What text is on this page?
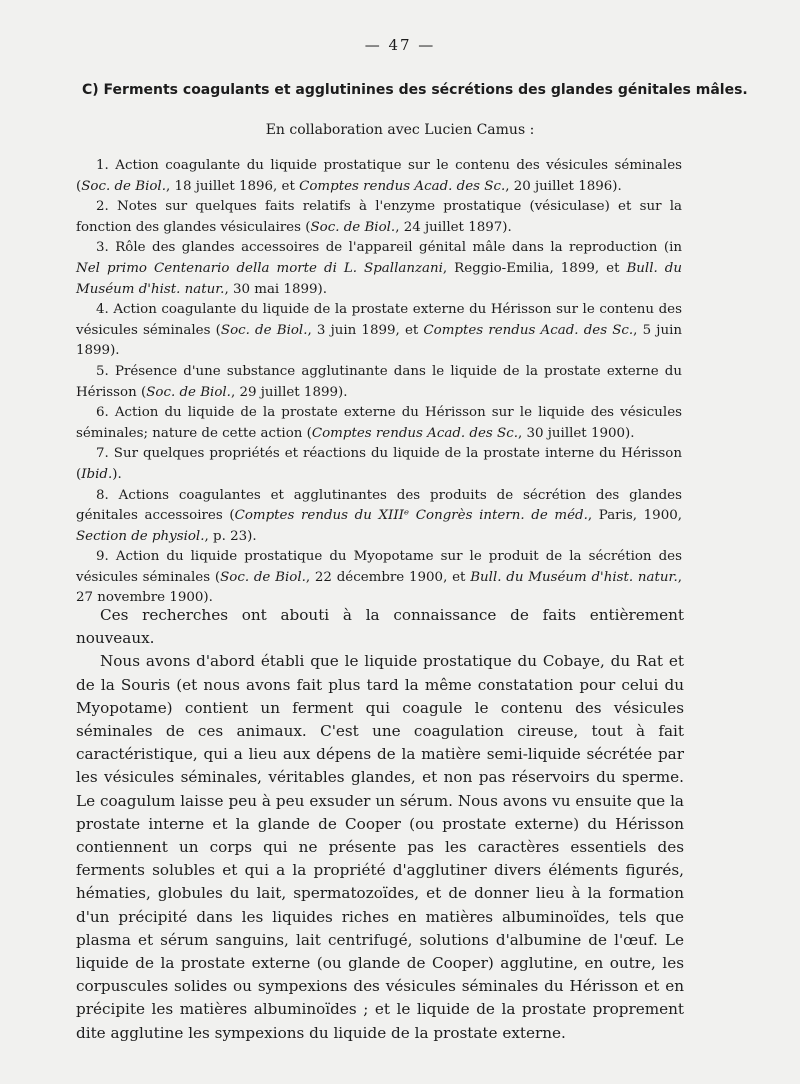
— 47 —
C) Ferments coagulants et agglutinines des sécrétions des glandes génitales mâles.
En collaboration avec Lucien Camus :

1. Action coagulante du liquide prostatique sur le contenu des vésicules séminales (Soc. de Biol., 18 juillet 1896, et Comptes rendus Acad. des Sc., 20 juillet 1896).

2. Notes sur quelques faits relatifs à l'enzyme prostatique (vésiculase) et sur la fonction des glandes vésiculaires (Soc. de Biol., 24 juillet 1897).

3. Rôle des glandes accessoires de l'appareil génital mâle dans la reproduction (in Nel primo Centenario della morte di L. Spallanzani, Reggio-Emilia, 1899, et Bull. du Muséum d'hist. natur., 30 mai 1899).

4. Action coagulante du liquide de la prostate externe du Hérisson sur le contenu des vésicules séminales (Soc. de Biol., 3 juin 1899, et Comptes rendus Acad. des Sc., 5 juin 1899).

5. Présence d'une substance agglutinante dans le liquide de la prostate externe du Hérisson (Soc. de Biol., 29 juillet 1899).

6. Action du liquide de la prostate externe du Hérisson sur le liquide des vésicules séminales; nature de cette action (Comptes rendus Acad. des Sc., 30 juillet 1900).

7. Sur quelques propriétés et réactions du liquide de la prostate interne du Hérisson (Ibid.).

8. Actions coagulantes et agglutinantes des produits de sécrétion des glandes génitales accessoires (Comptes rendus du XIIIᵉ Congrès intern. de méd., Paris, 1900, Section de physiol., p. 23).

9. Action du liquide prostatique du Myopotame sur le produit de la sécrétion des vésicules séminales (Soc. de Biol., 22 décembre 1900, et Bull. du Muséum d'hist. natur., 27 novembre 1900).

Ces recherches ont abouti à la connaissance de faits entièrement nouveaux.

Nous avons d'abord établi que le liquide prostatique du Cobaye, du Rat et de la Souris (et nous avons fait plus tard la même constatation pour celui du Myopotame) contient un ferment qui coagule le contenu des vésicules séminales de ces animaux. C'est une coagulation cireuse, tout à fait caractéristique, qui a lieu aux dépens de la matière semi-liquide sécrétée par les vésicules séminales, véritables glandes, et non pas réservoirs du sperme. Le coagulum laisse peu à peu exsuder un sérum. Nous avons vu ensuite que la prostate interne et la glande de Cooper (ou prostate externe) du Hérisson contiennent un corps qui ne présente pas les caractères essentiels des ferments solubles et qui a la propriété d'agglutiner divers éléments figurés, hématies, globules du lait, spermatozoïdes, et de donner lieu à la formation d'un précipité dans les liquides riches en matières albuminoïdes, tels que plasma et sérum sanguins, lait centrifugé, solutions d'albumine de l'œuf. Le liquide de la prostate externe (ou glande de Cooper) agglutine, en outre, les corpuscules solides ou sympexions des vésicules séminales du Hérisson et en précipite les matières albuminoïdes ; et le liquide de la prostate proprement dite agglutine les sympexions du liquide de la prostate externe.
